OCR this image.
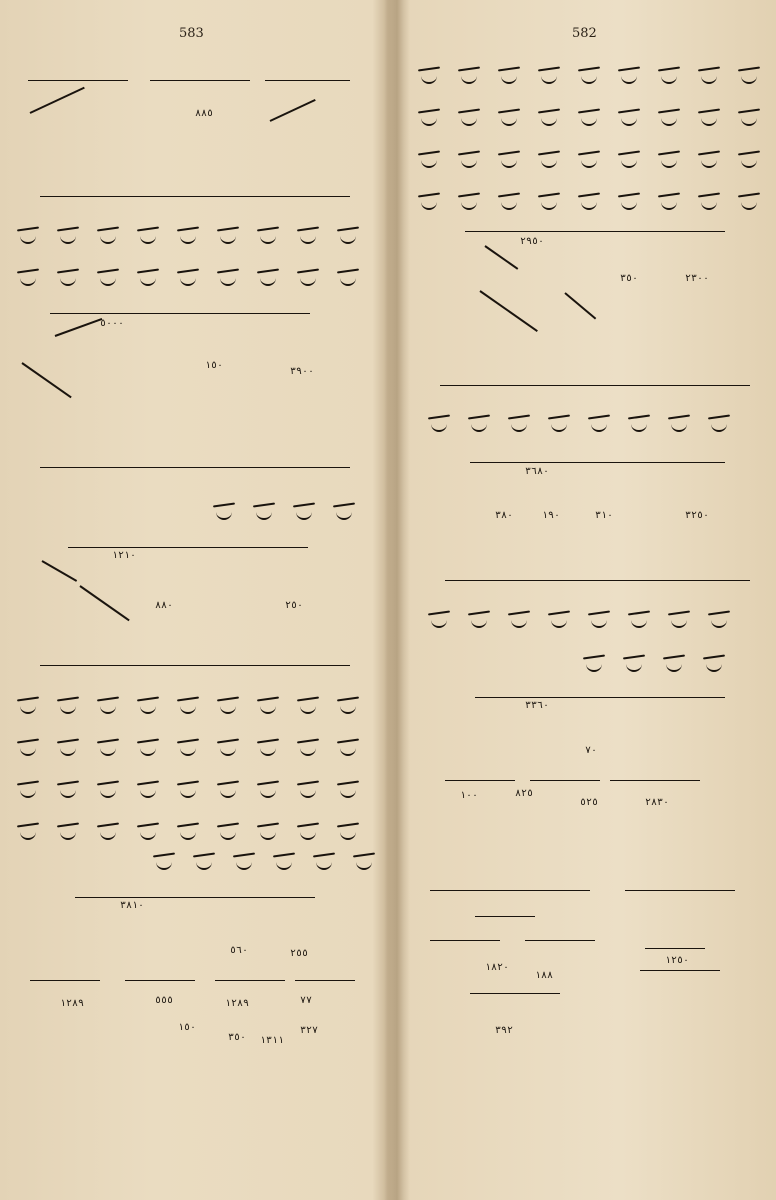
583
٨٨٥
٥٠٠٠
٣٩٠٠
١٥٠
١٢١٠
٨٨٠	٢٥٠
٣٨١٠
٥٦٠	٢٥٥
٧٧
٥٥٥
١٢٨٩	١٢٨٩
٣٢٧
٣٥٠
١٥٠
١٣١١
582
٢٩٥٠
٣٥٠	٢٣٠٠
٣٦٨٠
٣٢٥٠
٣١٠
١٩٠
٣٨٠
٣٣٦٠
٧٠
٨٢٥
١٠٠
٥٢٥	٢٨٣٠
١٢٥٠
١٨٢٠
١٨٨
٣٩٢
